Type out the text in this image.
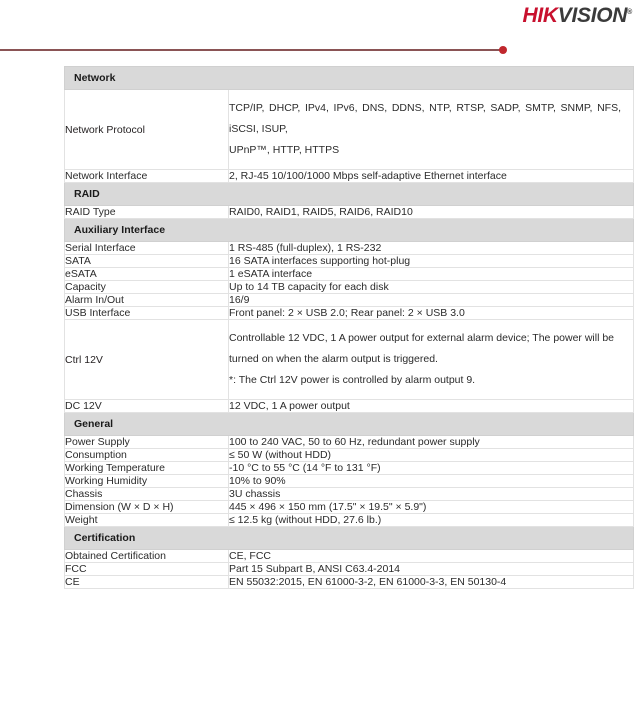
HIKVISION®
Network	
Network Protocol	TCP/IP, DHCP, IPv4, IPv6, DNS, DDNS, NTP, RTSP, SADP, SMTP, SNMP, NFS, iSCSI, ISUP,

UPnP™, HTTP, HTTPS

Network Interface	2, RJ-45 10/100/1000 Mbps self-adaptive Ethernet interface
RAID	
RAID Type	RAID0, RAID1, RAID5, RAID6, RAID10
Auxiliary Interface	
Serial Interface	1 RS-485 (full-duplex), 1 RS-232
SATA	16 SATA interfaces supporting hot-plug
eSATA	1 eSATA interface
Capacity	Up to 14 TB capacity for each disk
Alarm In/Out	16/9
USB Interface	Front panel: 2 × USB 2.0; Rear panel: 2 × USB 3.0
Ctrl 12V	Controllable 12 VDC, 1 A power output for external alarm device; The power will be

turned on when the alarm output is triggered.

*: The Ctrl 12V power is controlled by alarm output 9.

DC 12V	12 VDC, 1 A power output
General	
Power Supply	100 to 240 VAC, 50 to 60 Hz, redundant power supply
Consumption	≤ 50 W (without HDD)
Working Temperature	-10 °C to 55 °C (14 °F to 131 °F)
Working Humidity	10% to 90%
Chassis	3U chassis
Dimension (W × D × H)	445 × 496 × 150 mm (17.5" × 19.5" × 5.9")
Weight	≤ 12.5 kg (without HDD, 27.6 lb.)
Certification	
Obtained Certification	CE, FCC
FCC	Part 15 Subpart B, ANSI C63.4-2014
CE	EN 55032:2015, EN 61000-3-2, EN 61000-3-3, EN 50130-4
